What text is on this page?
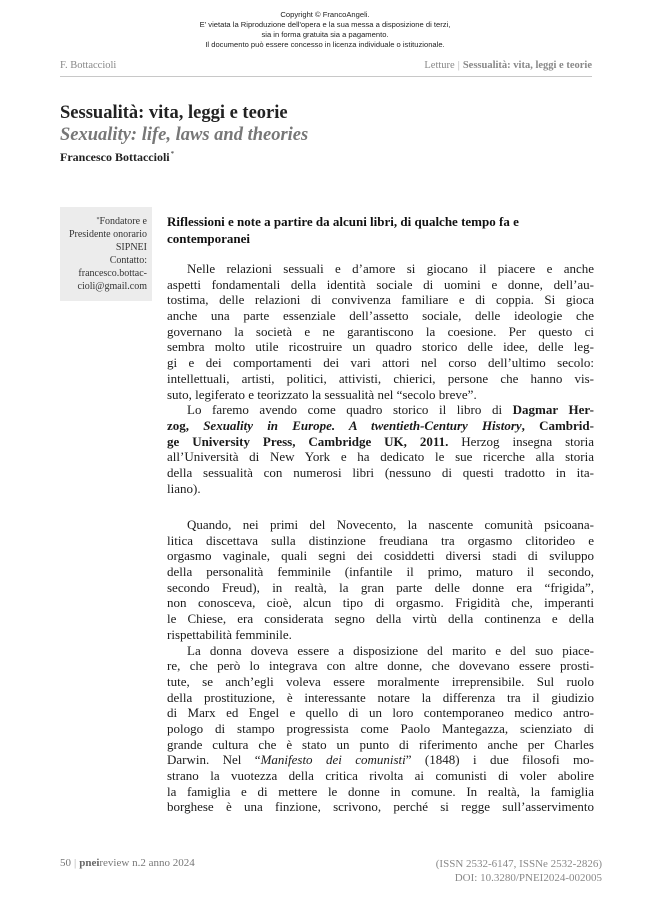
Copyright © FrancoAngeli.
E' vietata la Riproduzione dell'opera e la sua messa a disposizione di terzi,
sia in forma gratuita sia a pagamento.
Il documento può essere concesso in licenza individuale o istituzionale.
F. Bottaccioli	Letture | Sessualità: vita, leggi e teorie
Sessualità: vita, leggi e teorie
Sexuality: life, laws and theories
Francesco Bottaccioli*
*Fondatore e
Presidente onorario
SIPNEI
Contatto:
francesco.bottac-
cioli@gmail.com
Riflessioni e note a partire da alcuni libri, di qualche tempo fa e
contemporanei
Nelle relazioni sessuali e d’amore si giocano il piacere e anche
aspetti fondamentali della identità sociale di uomini e donne, dell’au-
tostima, delle relazioni di convivenza familiare e di coppia. Si gioca
anche una parte essenziale dell’assetto sociale, delle ideologie che
governano la società e ne garantiscono la coesione. Per questo ci
sembra molto utile ricostruire un quadro storico delle idee, delle leg-
gi e dei comportamenti dei vari attori nel corso dell’ultimo secolo:
intellettuali, artisti, politici, attivisti, chierici, persone che hanno vis-
suto, legiferato e teorizzato la sessualità nel “secolo breve”.
Lo faremo avendo come quadro storico il libro di Dagmar Her-
zog, Sexuality in Europe. A twentieth-Century History, Cambrid-
ge University Press, Cambridge UK, 2011. Herzog insegna storia
all’Università di New York e ha dedicato le sue ricerche alla storia
della sessualità con numerosi libri (nessuno di questi tradotto in ita-
liano).
Quando, nei primi del Novecento, la nascente comunità psicoana-
litica discettava sulla distinzione freudiana tra orgasmo clitorideo e
orgasmo vaginale, quali segni dei cosiddetti diversi stadi di sviluppo
della personalità femminile (infantile il primo, maturo il secondo,
secondo Freud), in realtà, la gran parte delle donne era “frigida”,
non conosceva, cioè, alcun tipo di orgasmo. Frigidità che, imperanti
le Chiese, era considerata segno della virtù della continenza e della
rispettabilità femminile.
La donna doveva essere a disposizione del marito e del suo piace-
re, che però lo integrava con altre donne, che dovevano essere prosti-
tute, se anch’egli voleva essere moralmente irreprensibile. Sul ruolo
della prostituzione, è interessante notare la differenza tra il giudizio
di Marx ed Engel e quello di un loro contemporaneo medico antro-
pologo di stampo progressista come Paolo Mantegazza, scienziato di
grande cultura che è stato un punto di riferimento anche per Charles
Darwin. Nel “Manifesto dei comunisti” (1848) i due filosofi mo-
strano la vuotezza della critica rivolta ai comunisti di voler abolire
la famiglia e di mettere le donne in comune. In realtà, la famiglia
borghese è una finzione, scrivono, perché si regge sull’asservimento
50 | pneireview n.2 anno 2024	(ISSN 2532-6147, ISSNe 2532-2826)
DOI: 10.3280/PNEI2024-002005
